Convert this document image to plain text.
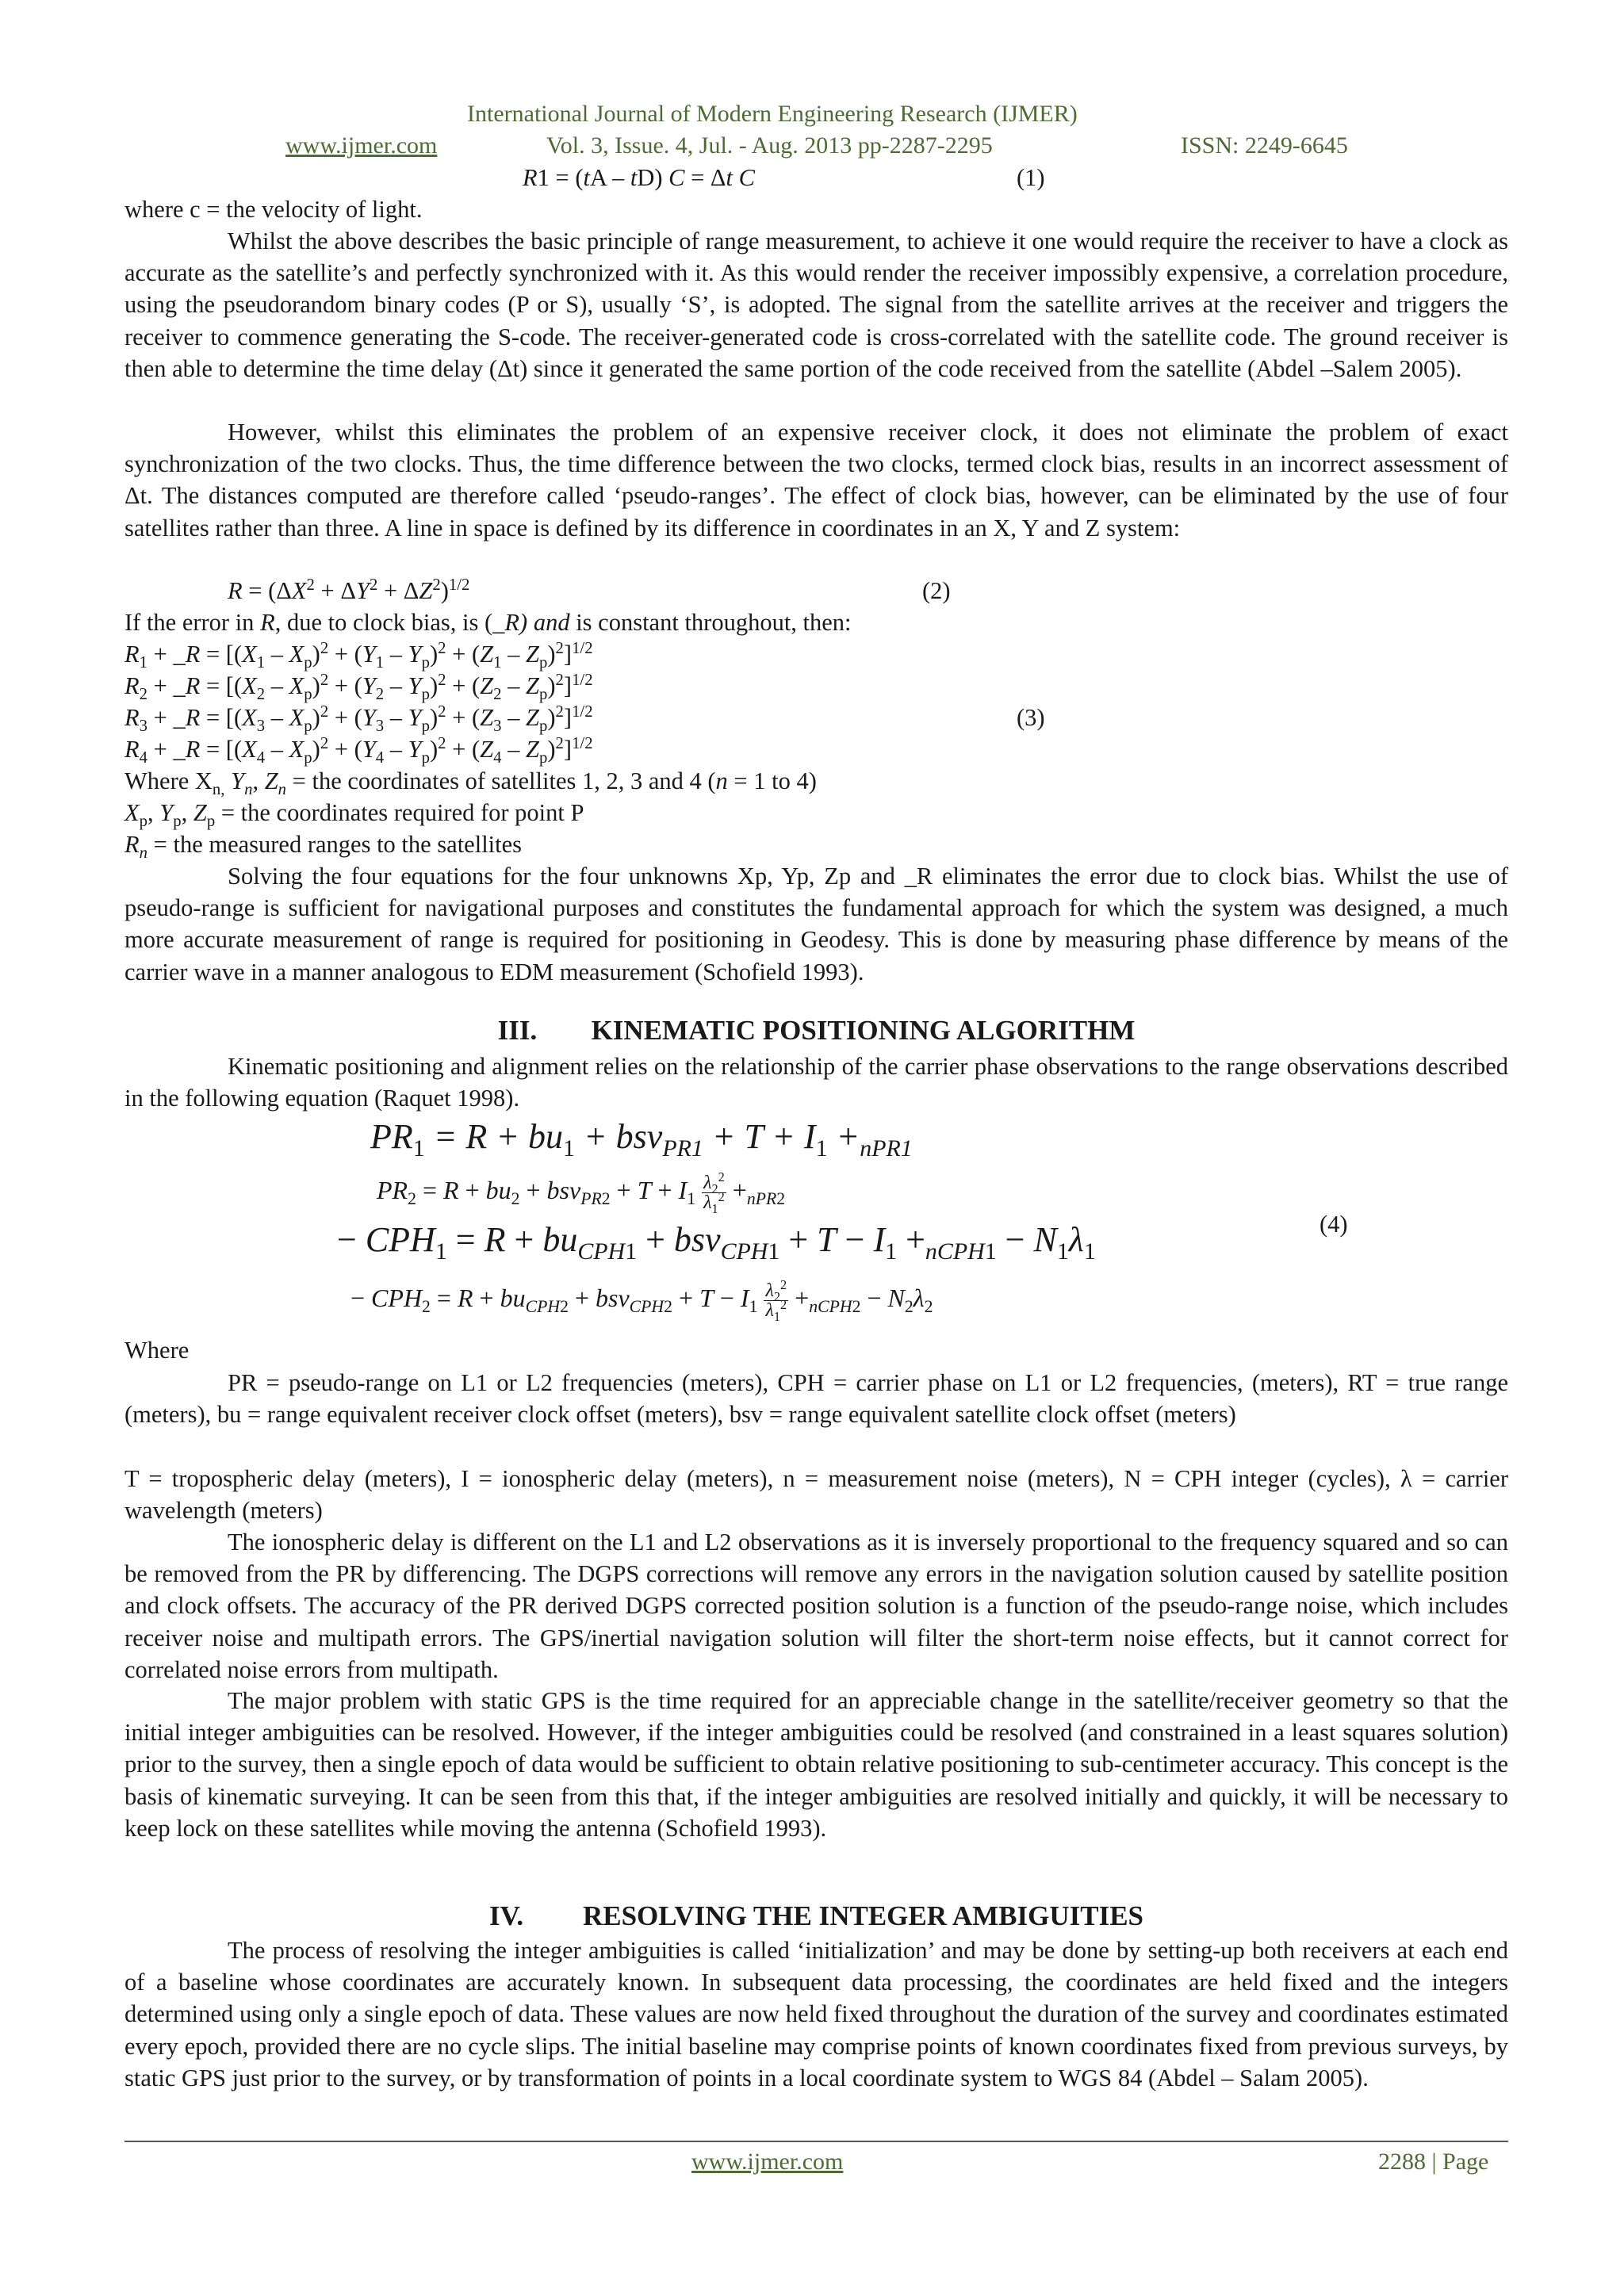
International Journal of Modern Engineering Research (IJMER)
www.ijmer.com	Vol. 3, Issue. 4, Jul. - Aug. 2013 pp-2287-2295	ISSN: 2249-6645
R1 = (tA – tD) C = Δt C	(1)
where c = the velocity of light.

Whilst the above describes the basic principle of range measurement, to achieve it one would require the receiver to have a clock as accurate as the satellite’s and perfectly synchronized with it. As this would render the receiver impossibly expensive, a correlation procedure, using the pseudorandom binary codes (P or S), usually ‘S’, is adopted. The signal from the satellite arrives at the receiver and triggers the receiver to commence generating the S-code. The receiver-generated code is cross-correlated with the satellite code. The ground receiver is then able to determine the time delay (Δt) since it generated the same portion of the code received from the satellite (Abdel –Salem 2005).

However, whilst this eliminates the problem of an expensive receiver clock, it does not eliminate the problem of exact synchronization of the two clocks. Thus, the time difference between the two clocks, termed clock bias, results in an incorrect assessment of Δt. The distances computed are therefore called ‘pseudo-ranges’. The effect of clock bias, however, can be eliminated by the use of four satellites rather than three. A line in space is defined by its difference in coordinates in an X, Y and Z system:

$R = (\Delta X^2 + \Delta Y^2 + \Delta Z^2)^{1/2}$	(2)
If the error in R, due to clock bias, is (_R) and is constant throughout, then:
$R_1$ + _R = $[(X_1 - X_p)^2 + (Y_1 - Y_p)^2 + (Z_1 - Z_p)^2]^{1/2}$
$R_2$ + _R = $[(X_2 - X_p)^2 + (Y_2 - Y_p)^2 + (Z_2 - Z_p)^2]^{1/2}$
$R_3$ + _R = $[(X_3 - X_p)^2 + (Y_3 - Y_p)^2 + (Z_3 - Z_p)^2]^{1/2}$
$R_4$ + _R = $[(X_4 - X_p)^2 + (Y_4 - Y_p)^2 + (Z_4 - Z_p)^2]^{1/2}$
(3)
Where $X_{n,}$ $Y_n$, $Z_n$ = the coordinates of satellites 1, 2, 3 and 4 (n = 1 to 4)
$X_p$, $Y_p$, $Z_p$ = the coordinates required for point P
$R_n$ = the measured ranges to the satellites

Solving the four equations for the four unknowns Xp, Yp, Zp and _R eliminates the error due to clock bias. Whilst the use of pseudo-range is sufficient for navigational purposes and constitutes the fundamental approach for which the system was designed, a much more accurate measurement of range is required for positioning in Geodesy. This is done by measuring phase difference by means of the carrier wave in a manner analogous to EDM measurement (Schofield 1993).

III. KINEMATIC POSITIONING ALGORITHM

Kinematic positioning and alignment relies on the relationship of the carrier phase observations to the range observations described in the following equation (Raquet 1998).

$PR_1 = R + bu_1 + bsv_{PR1} + T + I_1 +_{nPR1}$
$PR_2 = R + bu_2 + bsv_{PR2} + T + I_1 \frac{\lambda_2^2}{\lambda_1^2} +_{nPR2}$
− $CPH_1 = R + bu_{CPH1} + bsv_{CPH1} + T - I_1 +_{nCPH1} - N_1\lambda_1$
− $CPH_2 = R + bu_{CPH2} + bsv_{CPH2} + T - I_1 \frac{\lambda_2^2}{\lambda_1^2} +_{nCPH2} - N_2\lambda_2$
(4)
Where

PR = pseudo-range on L1 or L2 frequencies (meters), CPH = carrier phase on L1 or L2 frequencies, (meters), RT = true range (meters), bu = range equivalent receiver clock offset (meters), bsv = range equivalent satellite clock offset (meters)

T = tropospheric delay (meters), I = ionospheric delay (meters), n = measurement noise (meters), N = CPH integer (cycles), λ = carrier wavelength (meters)

The ionospheric delay is different on the L1 and L2 observations as it is inversely proportional to the frequency squared and so can be removed from the PR by differencing. The DGPS corrections will remove any errors in the navigation solution caused by satellite position and clock offsets. The accuracy of the PR derived DGPS corrected position solution is a function of the pseudo-range noise, which includes receiver noise and multipath errors. The GPS/inertial navigation solution will filter the short-term noise effects, but it cannot correct for correlated noise errors from multipath.

The major problem with static GPS is the time required for an appreciable change in the satellite/receiver geometry so that the initial integer ambiguities can be resolved. However, if the integer ambiguities could be resolved (and constrained in a least squares solution) prior to the survey, then a single epoch of data would be sufficient to obtain relative positioning to sub-centimeter accuracy. This concept is the basis of kinematic surveying. It can be seen from this that, if the integer ambiguities are resolved initially and quickly, it will be necessary to keep lock on these satellites while moving the antenna (Schofield 1993).

IV. RESOLVING THE INTEGER AMBIGUITIES

The process of resolving the integer ambiguities is called ‘initialization’ and may be done by setting-up both receivers at each end of a baseline whose coordinates are accurately known. In subsequent data processing, the coordinates are held fixed and the integers determined using only a single epoch of data. These values are now held fixed throughout the duration of the survey and coordinates estimated every epoch, provided there are no cycle slips. The initial baseline may comprise points of known coordinates fixed from previous surveys, by static GPS just prior to the survey, or by transformation of points in a local coordinate system to WGS 84 (Abdel – Salam 2005).

www.ijmer.com	2288 | Page
